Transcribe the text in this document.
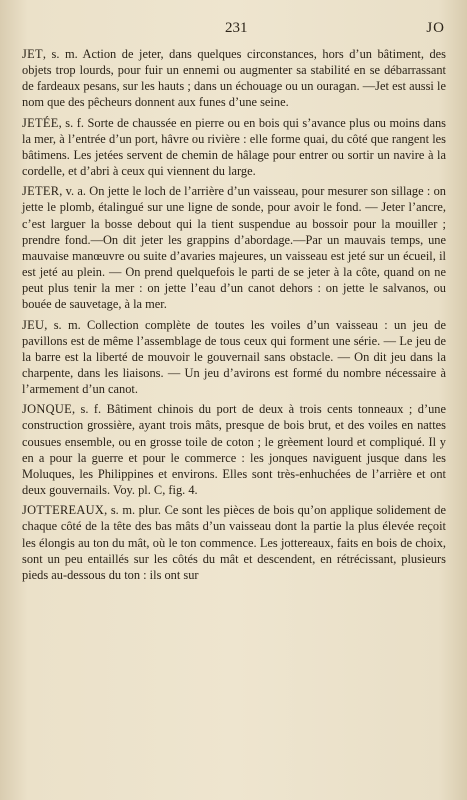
231	JO

JET, s. m. Action de jeter, dans quelques circonstances, hors d’un bâtiment, des objets trop lourds, pour fuir un ennemi ou augmenter sa stabilité en se débarrassant de fardeaux pesans, sur les hauts ; dans un échouage ou un ouragan. —Jet est aussi le nom que des pêcheurs donnent aux funes d’une seine.

JETÉE, s. f. Sorte de chaussée en pierre ou en bois qui s’avance plus ou moins dans la mer, à l’entrée d’un port, hâvre ou rivière : elle forme quai, du côté que rangent les bâtimens. Les jetées servent de chemin de hâlage pour entrer ou sortir un navire à la cordelle, et d’abri à ceux qui viennent du large.

JETER, v. a. On jette le loch de l’arrière d’un vaisseau, pour mesurer son sillage : on jette le plomb, étalingué sur une ligne de sonde, pour avoir le fond. — Jeter l’ancre, c’est larguer la bosse debout qui la tient suspendue au bossoir pour la mouiller ; prendre fond.—On dit jeter les grappins d’abordage.—Par un mauvais temps, une mauvaise manœuvre ou suite d’avaries majeures, un vaisseau est jeté sur un écueil, il est jeté au plein. — On prend quelquefois le parti de se jeter à la côte, quand on ne peut plus tenir la mer : on jette l’eau d’un canot dehors : on jette le salvanos, ou bouée de sauvetage, à la mer.

JEU, s. m. Collection complète de toutes les voiles d’un vaisseau : un jeu de pavillons est de même l’assemblage de tous ceux qui forment une série. — Le jeu de la barre est la liberté de mouvoir le gouvernail sans obstacle. — On dit jeu dans la charpente, dans les liaisons. — Un jeu d’avirons est formé du nombre nécessaire à l’armement d’un canot.

JONQUE, s. f. Bâtiment chinois du port de deux à trois cents tonneaux ; d’une construction grossière, ayant trois mâts, presque de bois brut, et des voiles en nattes cousues ensemble, ou en grosse toile de coton ; le grèement lourd et compliqué. Il y en a pour la guerre et pour le commerce : les jonques naviguent jusque dans les Moluques, les Philippines et environs. Elles sont très-enhuchées de l’arrière et ont deux gouvernails. Voy. pl. C, fig. 4.

JOTTEREAUX, s. m. plur. Ce sont les pièces de bois qu’on applique solidement de chaque côté de la tête des bas mâts d’un vaisseau dont la partie la plus élevée reçoit les élongis au ton du mât, où le ton commence. Les jottereaux, faits en bois de choix, sont un peu entaillés sur les côtés du mât et descendent, en rétrécissant, plusieurs pieds au-dessous du ton : ils ont sur
